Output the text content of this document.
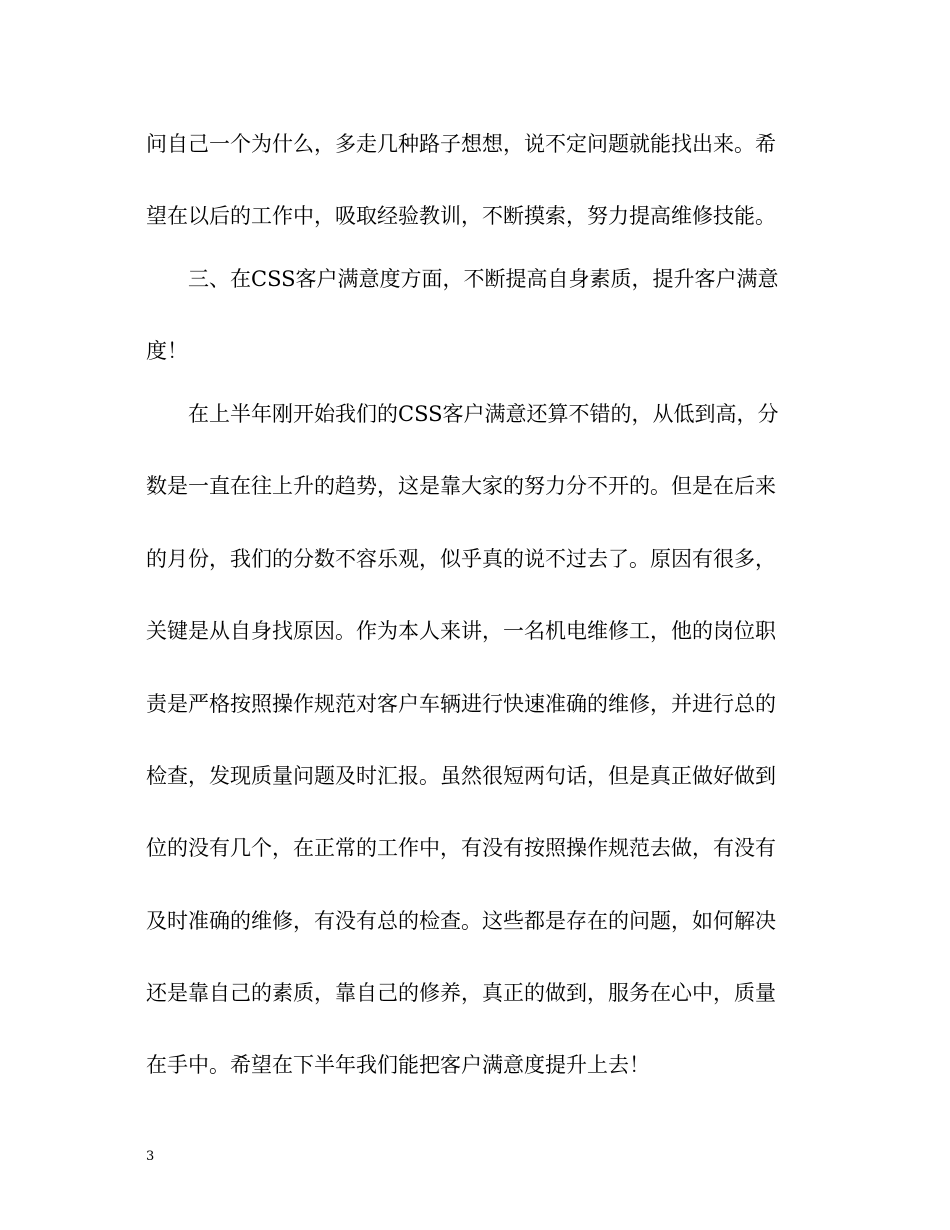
问自己一个为什么，多走几种路子想想，说不定问题就能找出来。希
望在以后的工作中，吸取经验教训，不断摸索，努力提高维修技能。
三、在CSS客户满意度方面，不断提高自身素质，提升客户满意
度！
在上半年刚开始我们的CSS客户满意还算不错的，从低到高，分
数是一直在往上升的趋势，这是靠大家的努力分不开的。但是在后来
的月份，我们的分数不容乐观，似乎真的说不过去了。原因有很多，
关键是从自身找原因。作为本人来讲，一名机电维修工，他的岗位职
责是严格按照操作规范对客户车辆进行快速准确的维修，并进行总的
检查，发现质量问题及时汇报。虽然很短两句话，但是真正做好做到
位的没有几个，在正常的工作中，有没有按照操作规范去做，有没有
及时准确的维修，有没有总的检查。这些都是存在的问题，如何解决
还是靠自己的素质，靠自己的修养，真正的做到，服务在心中，质量
在手中。希望在下半年我们能把客户满意度提升上去！
3
